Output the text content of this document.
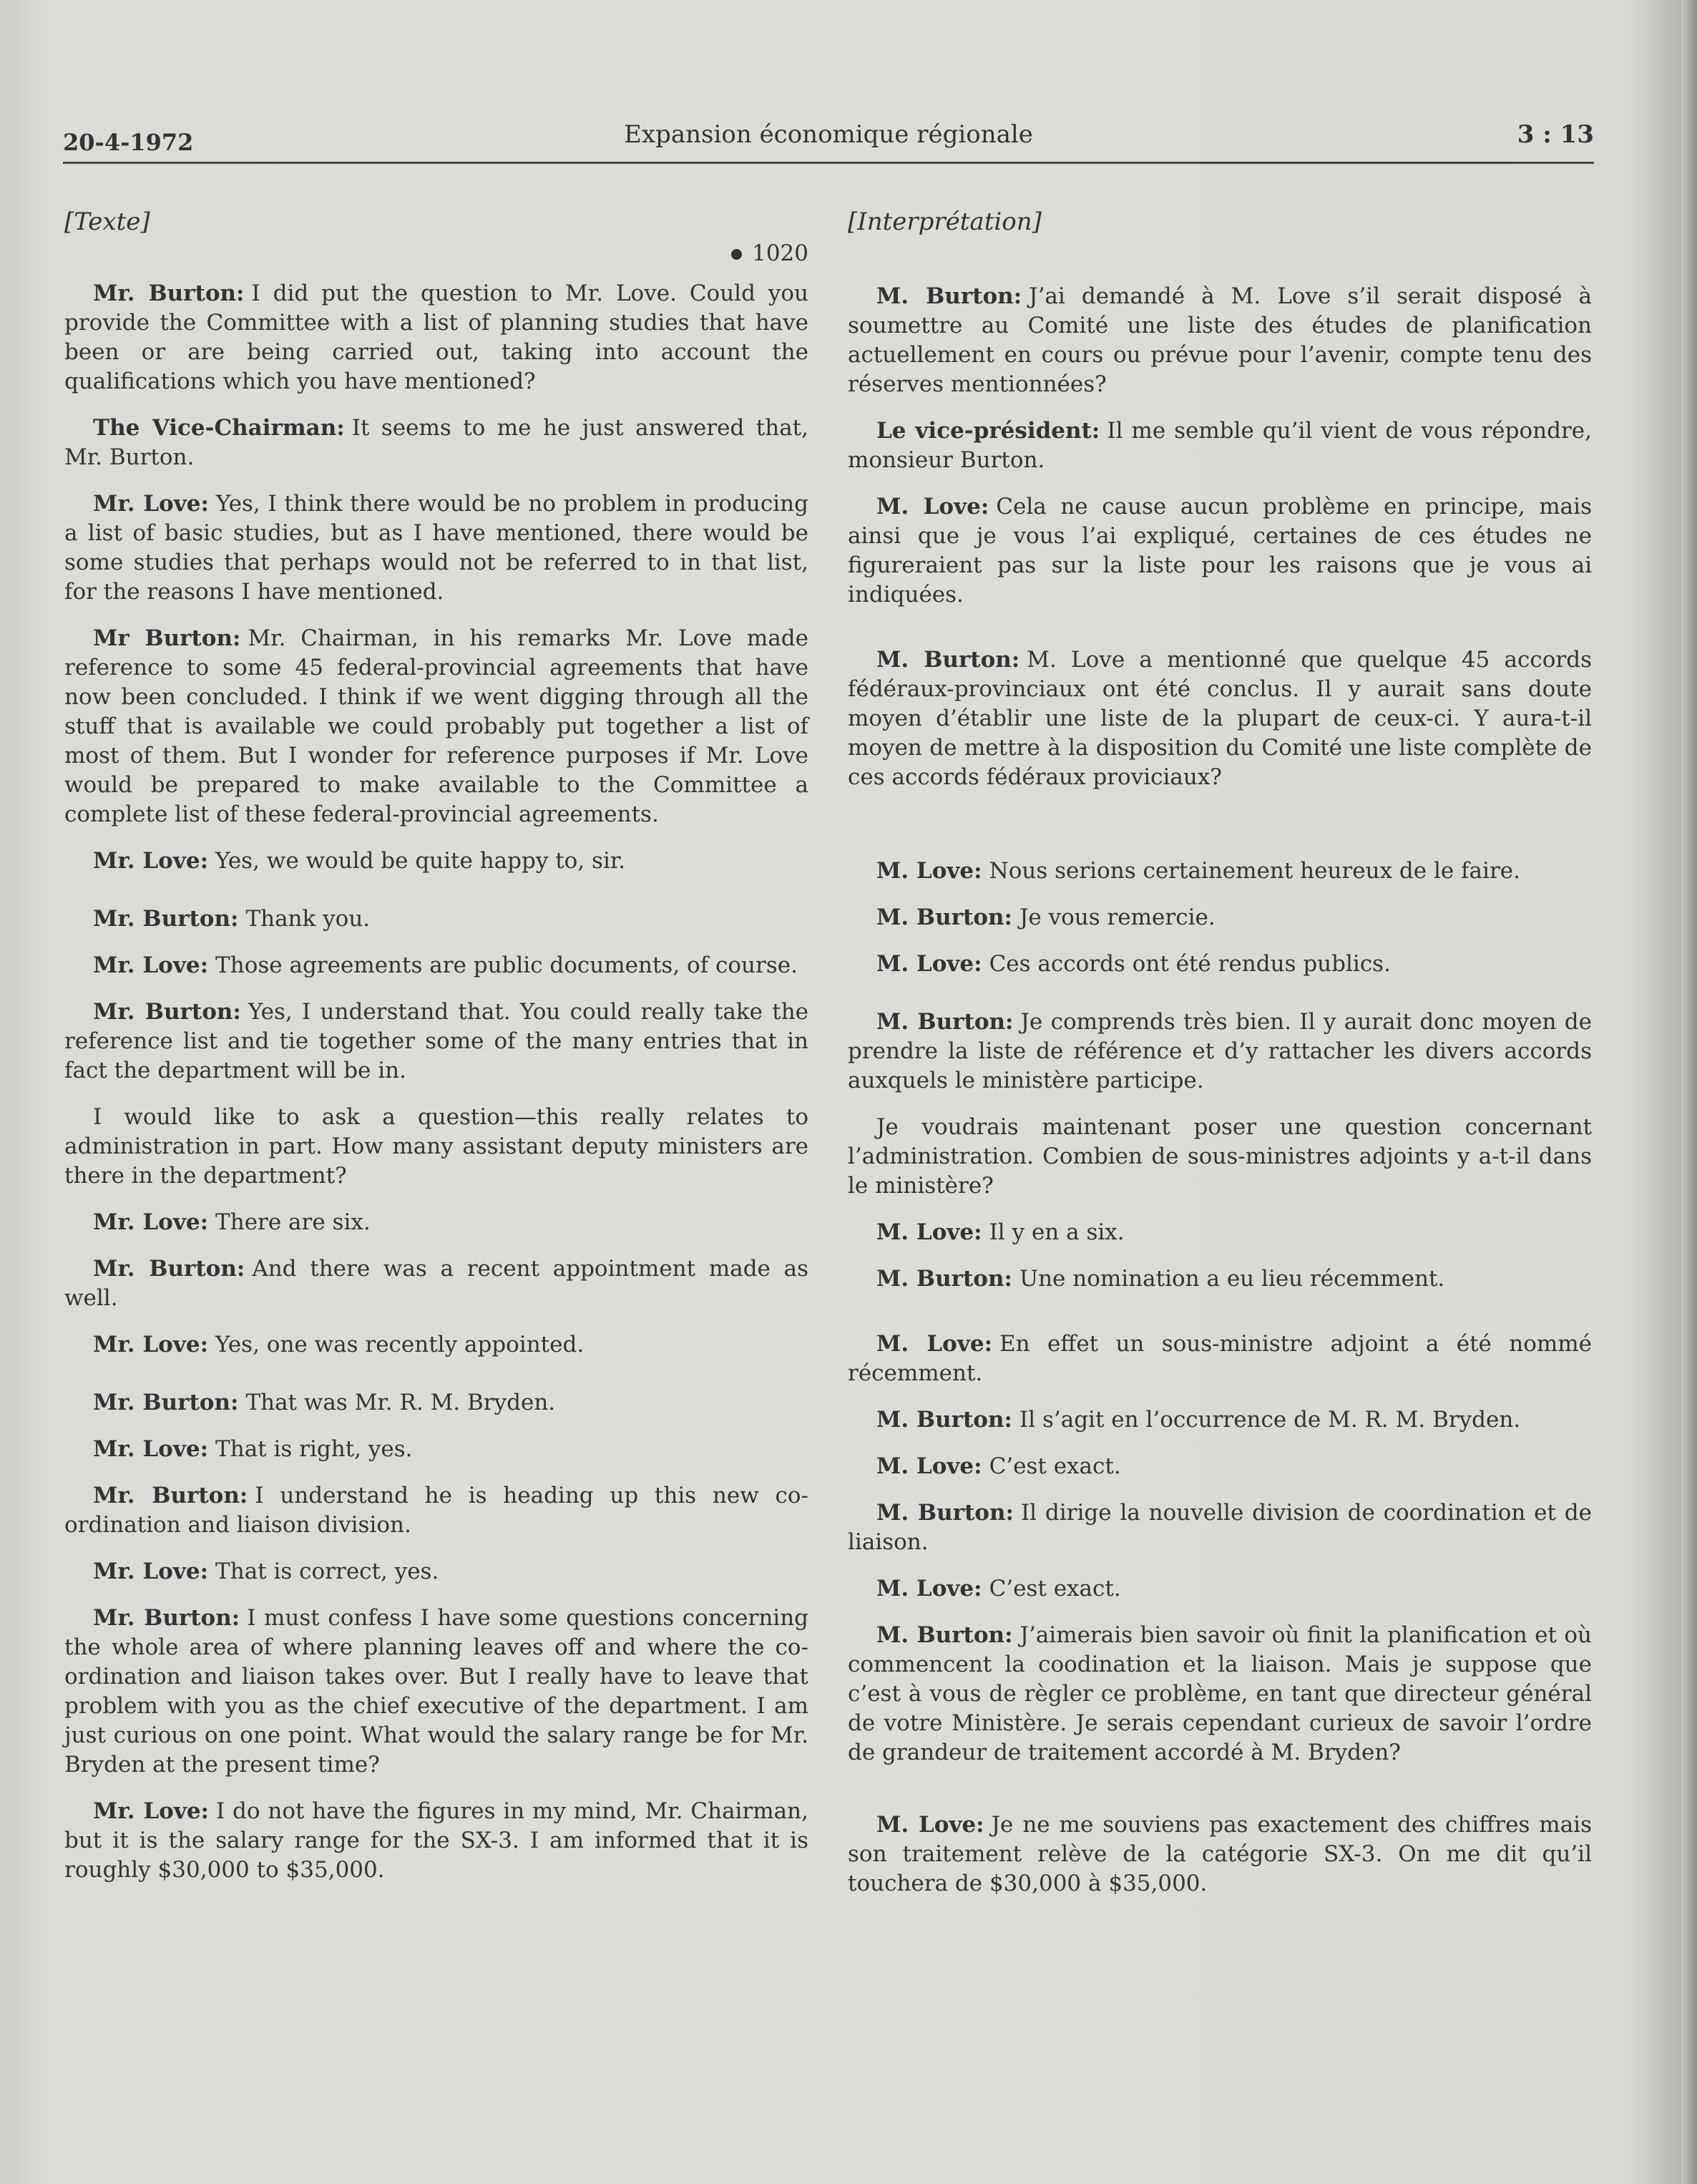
20-4-1972	Expansion économique régionale	3 : 13
[Texte]
1020

Mr. Burton: I did put the question to Mr. Love. Could you provide the Committee with a list of planning studies that have been or are being carried out, taking into account the qualifications which you have mentioned?

The Vice-Chairman: It seems to me he just answered that, Mr. Burton.

Mr. Love: Yes, I think there would be no problem in producing a list of basic studies, but as I have mentioned, there would be some studies that perhaps would not be referred to in that list, for the reasons I have mentioned.

Mr Burton: Mr. Chairman, in his remarks Mr. Love made reference to some 45 federal-provincial agreements that have now been concluded. I think if we went digging through all the stuff that is available we could probably put together a list of most of them. But I wonder for reference purposes if Mr. Love would be prepared to make available to the Committee a complete list of these federal-provincial agreements.

Mr. Love: Yes, we would be quite happy to, sir.

Mr. Burton: Thank you.

Mr. Love: Those agreements are public documents, of course.

Mr. Burton: Yes, I understand that. You could really take the reference list and tie together some of the many entries that in fact the department will be in.

I would like to ask a question—this really relates to administration in part. How many assistant deputy ministers are there in the department?

Mr. Love: There are six.

Mr. Burton: And there was a recent appointment made as well.

Mr. Love: Yes, one was recently appointed.

Mr. Burton: That was Mr. R. M. Bryden.

Mr. Love: That is right, yes.

Mr. Burton: I understand he is heading up this new co-ordination and liaison division.

Mr. Love: That is correct, yes.

Mr. Burton: I must confess I have some questions concerning the whole area of where planning leaves off and where the co-ordination and liaison takes over. But I really have to leave that problem with you as the chief executive of the department. I am just curious on one point. What would the salary range be for Mr. Bryden at the present time?

Mr. Love: I do not have the figures in my mind, Mr. Chairman, but it is the salary range for the SX-3. I am informed that it is roughly $30,000 to $35,000.

[Interprétation]

M. Burton: J’ai demandé à M. Love s’il serait disposé à soumettre au Comité une liste des études de planification actuellement en cours ou prévue pour l’avenir, compte tenu des réserves mentionnées?

Le vice-président: Il me semble qu’il vient de vous répondre, monsieur Burton.

M. Love: Cela ne cause aucun problème en principe, mais ainsi que je vous l’ai expliqué, certaines de ces études ne figureraient pas sur la liste pour les raisons que je vous ai indiquées.

M. Burton: M. Love a mentionné que quelque 45 accords fédéraux-provinciaux ont été conclus. Il y aurait sans doute moyen d’établir une liste de la plupart de ceux-ci. Y aura-t-il moyen de mettre à la disposition du Comité une liste complète de ces accords fédéraux proviciaux?

M. Love: Nous serions certainement heureux de le faire.

M. Burton: Je vous remercie.

M. Love: Ces accords ont été rendus publics.

M. Burton: Je comprends très bien. Il y aurait donc moyen de prendre la liste de référence et d’y rattacher les divers accords auxquels le ministère participe.

Je voudrais maintenant poser une question concernant l’administration. Combien de sous-ministres adjoints y a-t-il dans le ministère?

M. Love: Il y en a six.

M. Burton: Une nomination a eu lieu récemment.

M. Love: En effet un sous-ministre adjoint a été nommé récemment.

M. Burton: Il s’agit en l’occurrence de M. R. M. Bryden.

M. Love: C’est exact.

M. Burton: Il dirige la nouvelle division de coordination et de liaison.

M. Love: C’est exact.

M. Burton: J’aimerais bien savoir où finit la planification et où commencent la coodination et la liaison. Mais je suppose que c’est à vous de règler ce problème, en tant que directeur général de votre Ministère. Je serais cependant curieux de savoir l’ordre de grandeur de traitement accordé à M. Bryden?

M. Love: Je ne me souviens pas exactement des chiffres mais son traitement relève de la catégorie SX-3. On me dit qu’il touchera de $30,000 à $35,000.
